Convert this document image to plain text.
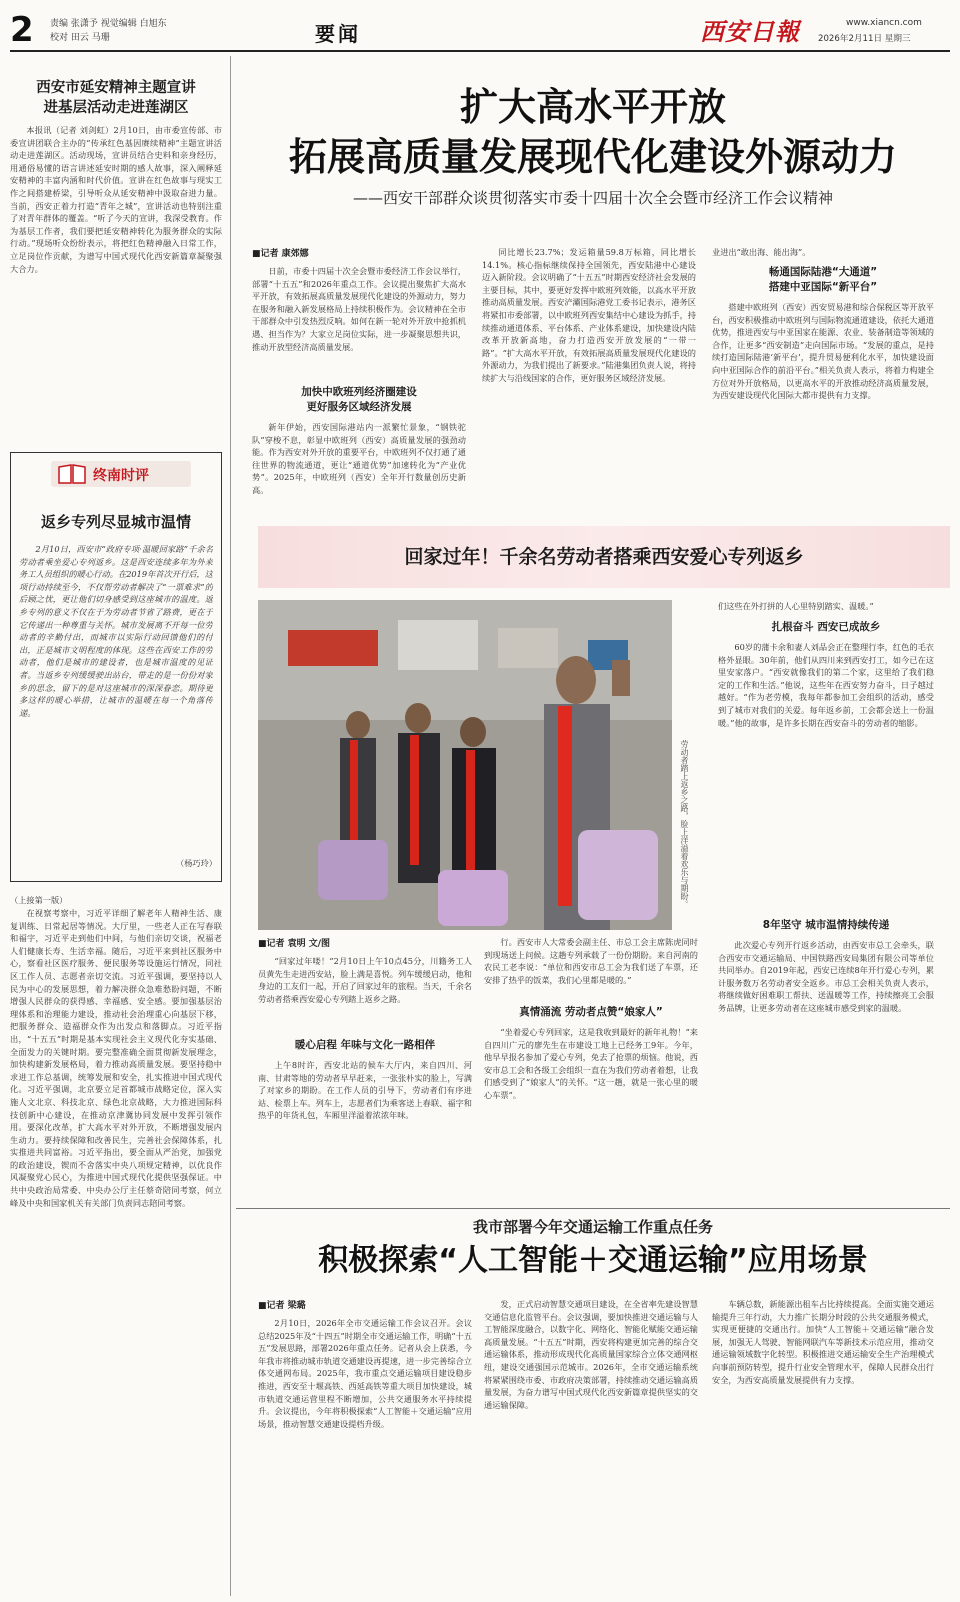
2 责编 张潇予 视觉编辑 白旭东
校对 田云 马珊	要闻	西安日報	www.xiancn.com
2026年2月11日 星期三
西安市延安精神主题宣讲
进基层活动走进莲湖区
本报讯（记者 刘剑虹）2月10日，由市委宣传部、市委宣讲团联合主办的“传承红色基因赓续精神”主题宣讲活动走进莲湖区。活动现场，宣讲员结合史料和亲身经历，用通俗易懂的语言讲述延安时期的感人故事，深入阐释延安精神的丰富内涵和时代价值。宣讲在红色故事与现实工作之间搭建桥梁，引导听众从延安精神中汲取奋进力量。当前，西安正着力打造“青年之城”，宣讲活动也特别注重了对青年群体的覆盖。“听了今天的宣讲，我深受教育。作为基层工作者，我们要把延安精神转化为服务群众的实际行动。”现场听众纷纷表示，将把红色精神融入日常工作，立足岗位作贡献，为谱写中国式现代化西安新篇章凝聚强大合力。
终南时评
返乡专列尽显城市温情
2月10日，西安市“政府专项·温暖回家路”千余名劳动者乘坐爱心专列返乡。这是西安连续多年为外来务工人员组织的暖心行动。在2019年首次开行后，这项行动持续至今，不仅帮劳动者解决了“一票难求”的后顾之忧，更让他们切身感受到这座城市的温度。返乡专列的意义不仅在于为劳动者节省了路费，更在于它传递出一种尊重与关怀。城市发展离不开每一位劳动者的辛勤付出，而城市以实际行动回馈他们的付出，正是城市文明程度的体现。这些在西安工作的劳动者，他们是城市的建设者，也是城市温度的见证者。当返乡专列缓缓驶出站台，带走的是一份份对家乡的思念，留下的是对这座城市的深深眷恋。期待更多这样的暖心举措，让城市的温暖在每一个角落传递。
（杨巧玲）
（上接第一版）
在视察考察中，习近平详细了解老年人精神生活、康复训练、日常起居等情况。大厅里，一些老人正在写春联和福字，习近平走到他们中间，与他们亲切交谈，祝福老人们健康长寿、生活幸福。随后，习近平来到社区服务中心，察看社区医疗服务、便民服务等设施运行情况，同社区工作人员、志愿者亲切交流。习近平强调，要坚持以人民为中心的发展思想，着力解决群众急难愁盼问题，不断增强人民群众的获得感、幸福感、安全感。要加强基层治理体系和治理能力建设，推动社会治理重心向基层下移，把服务群众、造福群众作为出发点和落脚点。习近平指出，“十五五”时期是基本实现社会主义现代化夯实基础、全面发力的关键时期。要完整准确全面贯彻新发展理念，加快构建新发展格局，着力推动高质量发展。要坚持稳中求进工作总基调，统筹发展和安全，扎实推进中国式现代化。习近平强调，北京要立足首都城市战略定位，深入实施人文北京、科技北京、绿色北京战略，大力推进国际科技创新中心建设，在推动京津冀协同发展中发挥引领作用。要深化改革，扩大高水平对外开放，不断增强发展内生动力。要持续保障和改善民生，完善社会保障体系，扎实推进共同富裕。习近平指出，要全面从严治党，加强党的政治建设，锲而不舍落实中央八项规定精神，以优良作风凝聚党心民心，为推进中国式现代化提供坚强保证。中共中央政治局常委、中央办公厅主任蔡奇陪同考察，何立峰及中央和国家机关有关部门负责同志陪同考察。
扩大高水平开放
拓展高质量发展现代化建设外源动力
——西安干部群众谈贯彻落实市委十四届十次全会暨市经济工作会议精神
■记者 康郊娜
日前，市委十四届十次全会暨市委经济工作会议举行，部署“十五五”和2026年重点工作。会议提出聚焦扩大高水平开放，有效拓展高质量发展现代化建设的外源动力，努力在服务和融入新发展格局上持续积极作为。会议精神在全市干部群众中引发热烈反响。如何在新一轮对外开放中抢抓机遇、担当作为？大家立足岗位实际，进一步凝聚思想共识，推动开放型经济高质量发展。
加快中欧班列经济圈建设
更好服务区域经济发展
新年伊始，西安国际港站内一派繁忙景象，“钢铁驼队”穿梭不息，彰显中欧班列（西安）高质量发展的强劲动能。作为西安对外开放的重要平台，中欧班列不仅打通了通往世界的物流通道，更让“通道优势”加速转化为“产业优势”。2025年，中欧班列（西安）全年开行数量创历史新高。
同比增长23.7%；发运箱量59.8万标箱，同比增长14.1%。核心指标继续保持全国领先，西安陆港中心建设迈入新阶段。会议明确了“十五五”时期西安经济社会发展的主要目标，其中，要更好发挥中欧班列效能，以高水平开放推动高质量发展。西安浐灞国际港党工委书记表示，港务区将紧扣市委部署，以中欧班列西安集结中心建设为抓手，持续推动通道体系、平台体系、产业体系建设，加快建设内陆改革开放新高地，奋力打造西安开放发展的“一带一路”。“扩大高水平开放，有效拓展高质量发展现代化建设的外源动力，为我们提出了新要求。”陆港集团负责人说，将持续扩大与沿线国家的合作，更好服务区域经济发展。
业进出“敢出海、能出海”。
畅通国际陆港“大通道”
搭建中亚国际“新平台”
搭建中欧班列（西安）西安贸易港和综合保税区等开放平台，西安积极推动中欧班列与国际物流通道建设，依托大通道优势，推进西安与中亚国家在能源、农业、装备制造等领域的合作，让更多“西安制造”走向国际市场。“发展的重点，是持续打造国际陆港‘新平台’，提升贸易便利化水平，加快建设面向中亚国际合作的前沿平台。”相关负责人表示，将着力构建全方位对外开放格局，以更高水平的开放推动经济高质量发展，为西安建设现代化国际大都市提供有力支撑。
回家过年！千余名劳动者搭乘西安爱心专列返乡
劳动者踏上返乡之路，脸上洋溢着欢乐与期盼。
■记者 袁明 文/图
“回家过年喽！”2月10日上午10点45分，川籍务工人员黄先生走进西安站，脸上满是喜悦。列车缓缓启动，他和身边的工友们一起，开启了回家过年的旅程。当天，千余名劳动者搭乘西安爱心专列踏上返乡之路。
暖心启程 年味与文化一路相伴
上午8时许，西安北站的候车大厅内，来自四川、河南、甘肃等地的劳动者早早赶来，一张张朴实的脸上，写满了对家乡的期盼。在工作人员的引导下，劳动者们有序进站、检票上车。列车上，志愿者们为乘客送上春联、福字和热乎的年货礼包，车厢里洋溢着浓浓年味。
行。西安市人大常委会副主任、市总工会主席陈虎同时到现场送上问候。这趟专列承载了一份份期盼。来自河南的农民工老李说：“单位和西安市总工会为我们送了车票，还安排了热乎的饭菜，我们心里都是暖的。”
真情涌流 劳动者点赞“娘家人”
“坐着爱心专列回家，这是我收到最好的新年礼物！”来自四川广元的廖先生在市建设工地上已经务工9年。今年，他早早报名参加了爱心专列，免去了抢票的烦恼。他说，西安市总工会和各级工会组织一直在为我们劳动者着想，让我们感受到了“娘家人”的关怀。“这一趟，就是一张心里的暖心车票”。
们这些在外打拼的人心里特别踏实、温暖。”
扎根奋斗 西安已成故乡
60岁的蒲卡余和妻人刘品会正在整理行李，红色的毛衣格外显眼。30年前，他们从四川来到西安打工，如今已在这里安家落户。“西安就像我们的第二个家，这里给了我们稳定的工作和生活。”他说，这些年在西安努力奋斗，日子越过越好。“作为老劳模，我每年都参加工会组织的活动，感受到了城市对我们的关爱。每年返乡前，工会都会送上一份温暖。”他的故事，是许多长期在西安奋斗的劳动者的缩影。
8年坚守 城市温情持续传递
此次爱心专列开行返乡活动，由西安市总工会牵头，联合西安市交通运输局、中国铁路西安局集团有限公司等单位共同举办。自2019年起，西安已连续8年开行爱心专列，累计服务数万名劳动者安全返乡。市总工会相关负责人表示，将继续做好困难职工帮扶、送温暖等工作，持续擦亮工会服务品牌，让更多劳动者在这座城市感受到家的温暖。
我市部署今年交通运输工作重点任务
积极探索“人工智能＋交通运输”应用场景
■记者 梁璐
2月10日，2026年全市交通运输工作会议召开。会议总结2025年及“十四五”时期全市交通运输工作，明确“十五五”发展思路，部署2026年重点任务。记者从会上获悉，今年我市将推动城市轨道交通建设再提速，进一步完善综合立体交通网布局。2025年，我市重点交通运输项目建设稳步推进，西安至十堰高铁、西延高铁等重大项目加快建设，城市轨道交通运营里程不断增加，公共交通服务水平持续提升。会议提出，今年将积极探索“人工智能＋交通运输”应用场景，推动智慧交通建设提档升级。
发，正式启动智慧交通项目建设，在全省率先建设智慧交通信息化监管平台。会议强调，要加快推进交通运输与人工智能深度融合，以数字化、网络化、智能化赋能交通运输高质量发展。“十五五”时期，西安将构建更加完善的综合交通运输体系，推动形成现代化高质量国家综合立体交通网枢纽，建设交通强国示范城市。2026年，全市交通运输系统将紧紧围绕市委、市政府决策部署，持续推动交通运输高质量发展，为奋力谱写中国式现代化西安新篇章提供坚实的交通运输保障。
车辆总数，新能源出租车占比持续提高。全面实施交通运输提升三年行动，大力推广长期分时段的公共交通服务模式，实现更便捷的交通出行。加快“人工智能＋交通运输”融合发展，加强无人驾驶、智能网联汽车等新技术示范应用，推动交通运输领域数字化转型。积极推进交通运输安全生产治理模式向事前预防转型，提升行业安全管理水平，保障人民群众出行安全，为西安高质量发展提供有力支撑。
